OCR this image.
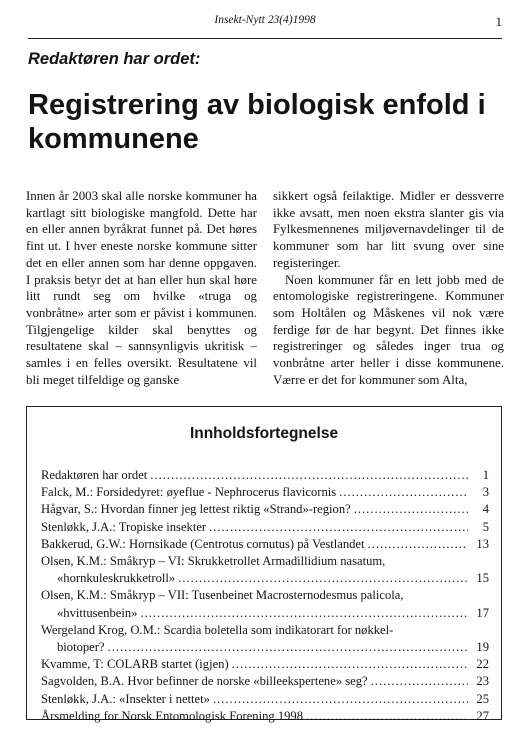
Insekt-Nytt 23(4)1998	1
Redaktøren har ordet:
Registrering av biologisk enfold i kommunene

Innen år 2003 skal alle norske kommuner ha kartlagt sitt biologiske mangfold. Dette har en eller annen byråkrat funnet på. Det høres fint ut. I hver eneste norske kommune sitter det en eller annen som har denne oppgaven. I praksis betyr det at han eller hun skal høre litt rundt seg om hvilke «truga og vonbråtne» arter som er påvist i kommunen. Tilgjengelige kilder skal benyttes og resultatene skal – sannsynligvis ukritisk – samles i en felles oversikt. Resultatene vil bli meget tilfeldige og ganske

sikkert også feilaktige. Midler er dessverre ikke avsatt, men noen ekstra slanter gis via Fylkesmennenes miljøvernavdelinger til de kommuner som har litt svung over sine registeringer.

Noen kommuner får en lett jobb med de entomologiske registreringene. Kommuner som Holtålen og Måskenes vil nok være ferdige før de har begynt. Det finnes ikke registreringer og således inger trua og vonbråtne arter heller i disse kommunene. Værre er det for kommuner som Alta,

Innholdsfortegnelse
Redaktøren har ordet .....	1
Falck, M.: Forsidedyret: øyeflue - Nephrocerus flavicornis .....	3
Hågvar, S.: Hvordan finner jeg lettest riktig «Strand»-region? .....	4
Stenløkk, J.A.: Tropiske insekter .....	5
Bakkerud, G.W.: Hornsikade (Centrotus cornutus) på Vestlandet .....	13
Olsen, K.M.: Småkryp – VI: Skrukketrollet Armadillidium nasatum,
«hornkuleskrukketroll» .....	15
Olsen, K.M.: Småkryp – VII: Tusenbeinet Macrosternodesmus palicola,
«hvittusenbein» .....	17
Wergeland Krog, O.M.: Scardia boletella som indikatorart for nøkkel-
biotoper? .....	19
Kvamme, T: COLARB startet (igjen) .....	22
Sagvolden, B.A. Hvor befinner de norske «billeekspertene» seg? .....	23
Stenløkk, J.A.: «Insekter i nettet» .....	25
Årsmelding for Norsk Entomologisk Forening 1998 .....	27
